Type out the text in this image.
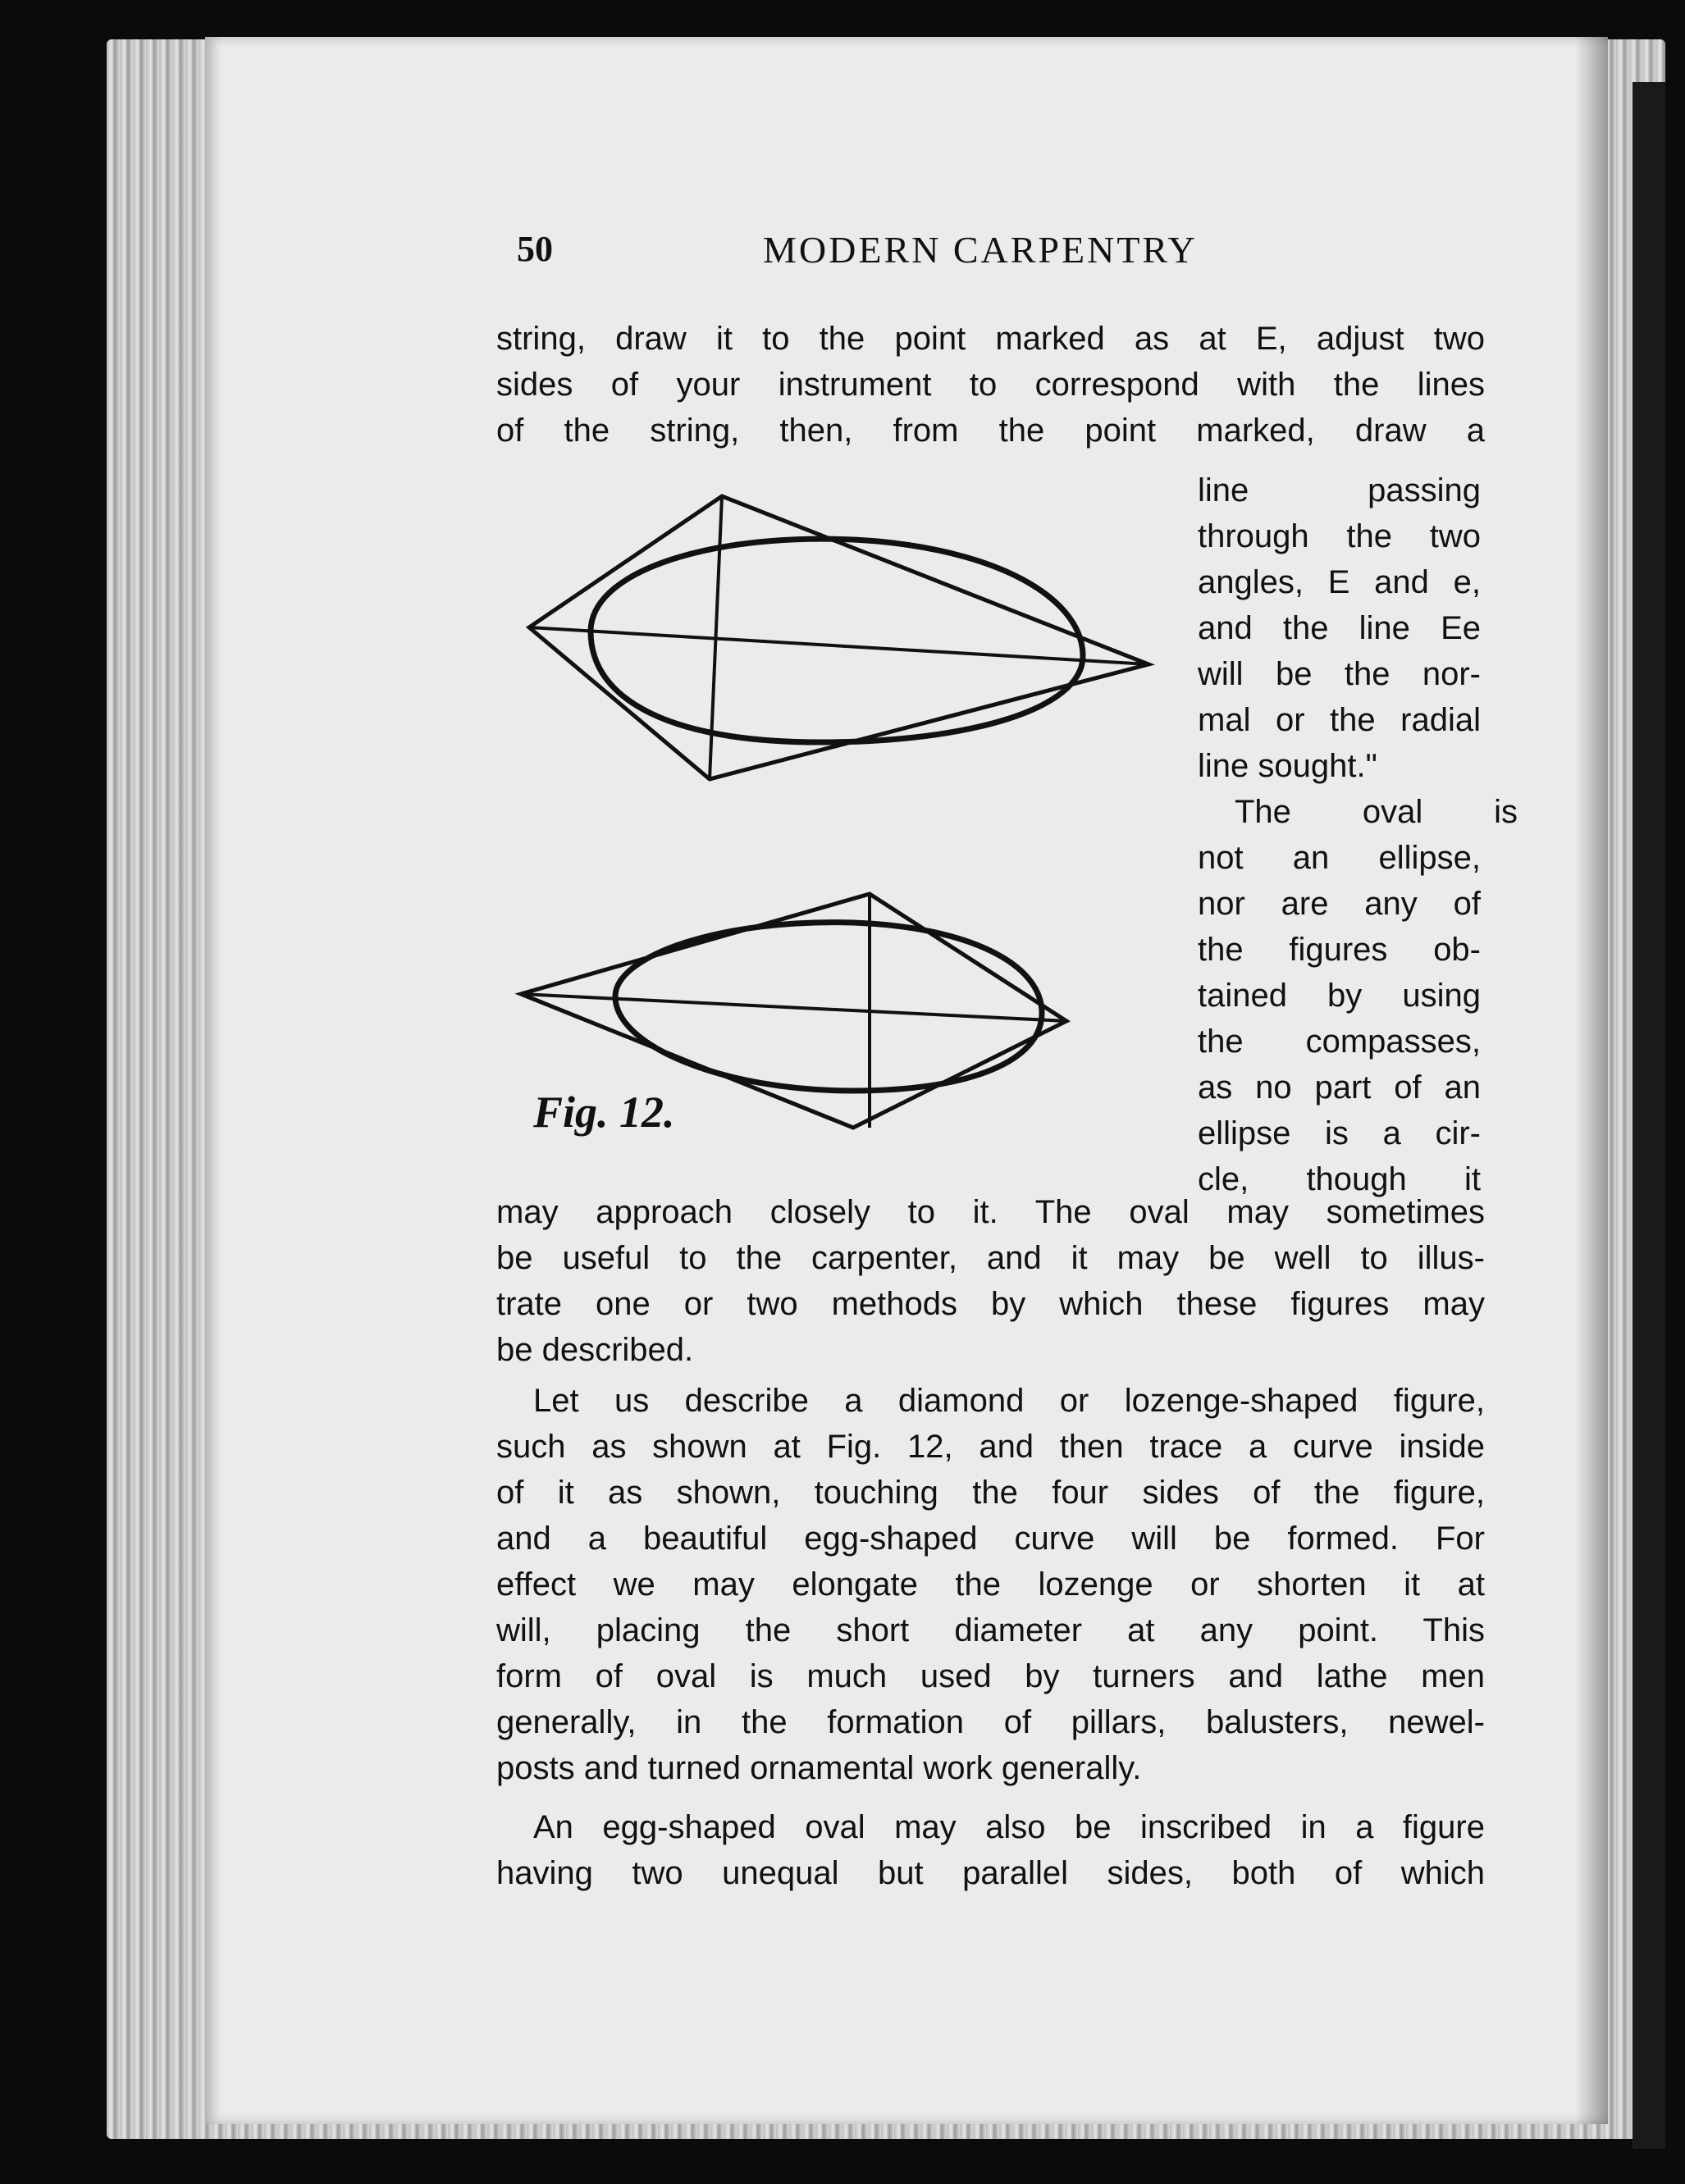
50	MODERN CARPENTRY
string, draw it to the point marked as at E, adjust two
sides of your instrument to correspond with the lines
of the string, then, from the point marked, draw a
line passing
through the two
angles, E and e,
and the line Ee
will be the nor-
mal or the radial
line sought."
The oval is
not an ellipse,
nor are any of
the figures ob-
tained by using
the compasses,
as no part of an
ellipse is a cir-
cle, though it
Fig. 12.
may approach closely to it. The oval may sometimes
be useful to the carpenter, and it may be well to illus-
trate one or two methods by which these figures may
be described.
Let us describe a diamond or lozenge-shaped figure,
such as shown at Fig. 12, and then trace a curve inside
of it as shown, touching the four sides of the figure,
and a beautiful egg-shaped curve will be formed. For
effect we may elongate the lozenge or shorten it at
will, placing the short diameter at any point. This
form of oval is much used by turners and lathe men
generally, in the formation of pillars, balusters, newel-
posts and turned ornamental work generally.
An egg-shaped oval may also be inscribed in a figure
having two unequal but parallel sides, both of which
